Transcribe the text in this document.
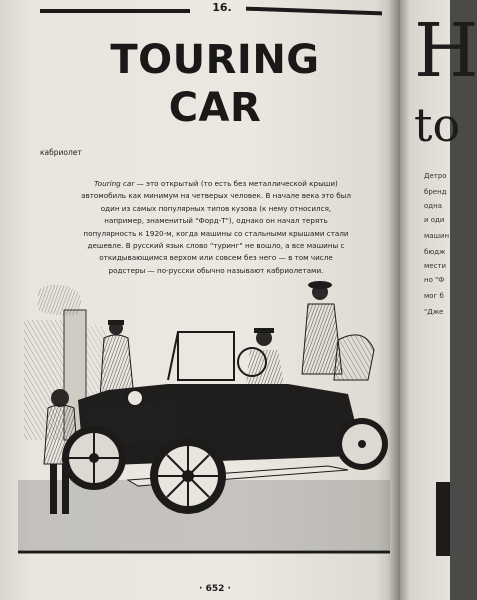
16.
TOURING
CAR
кабриолет
Touring car — это открытый (то есть без металлической крыши) автомобиль как минимум на четверых человек. В начале века это был один из самых популярных типов кузова (к нему относился, например, знаменитый "Форд-Т"), однако он начал терять популярность к 1920-м, когда машины со стальными крышами стали дешевле. В русский язык слово "туринг" не вошло, а все машины с откидывающимся верхом или совсем без него — в том числе родстеры — по-русски обычно называют кабриолетами.
· 652 ·
H
to
Детро
бренд
одна
и оди
машин
бюдж
мести
но "Ф
мог б
"Дже
